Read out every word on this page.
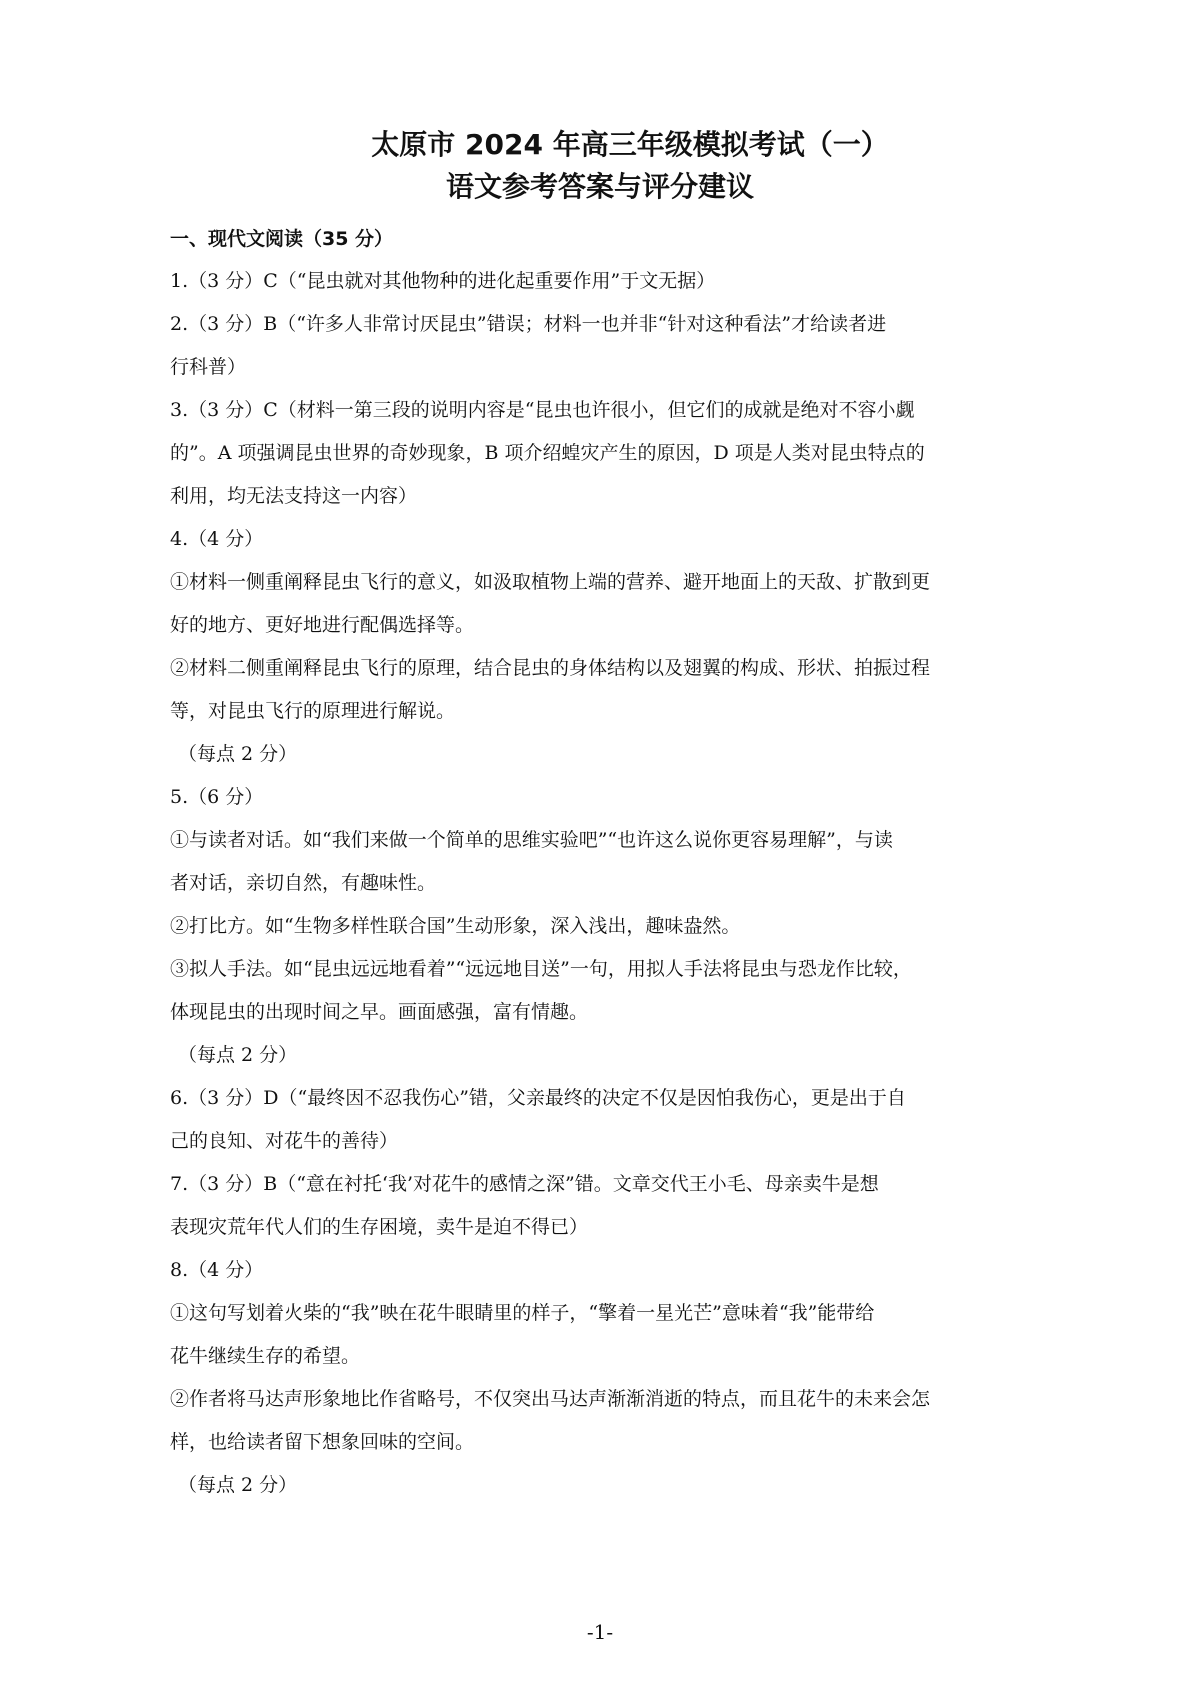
太原市 2024 年高三年级模拟考试（一）
语文参考答案与评分建议
一、现代文阅读（35 分）

1.（3 分）C（“昆虫就对其他物种的进化起重要作用”于文无据）

2.（3 分）B（“许多人非常讨厌昆虫”错误；材料一也并非“针对这种看法”才给读者进

行科普）

3.（3 分）C（材料一第三段的说明内容是“昆虫也许很小，但它们的成就是绝对不容小觑

的”。A 项强调昆虫世界的奇妙现象，B 项介绍蝗灾产生的原因，D 项是人类对昆虫特点的

利用，均无法支持这一内容）

4.（4 分）

①材料一侧重阐释昆虫飞行的意义，如汲取植物上端的营养、避开地面上的天敌、扩散到更

好的地方、更好地进行配偶选择等。

②材料二侧重阐释昆虫飞行的原理，结合昆虫的身体结构以及翅翼的构成、形状、拍振过程

等，对昆虫飞行的原理进行解说。

（每点 2 分）

5.（6 分）

①与读者对话。如“我们来做一个简单的思维实验吧”“也许这么说你更容易理解”，与读

者对话，亲切自然，有趣味性。

②打比方。如“生物多样性联合国”生动形象，深入浅出，趣味盎然。

③拟人手法。如“昆虫远远地看着”“远远地目送”一句，用拟人手法将昆虫与恐龙作比较，

体现昆虫的出现时间之早。画面感强，富有情趣。

（每点 2 分）

6.（3 分）D（“最终因不忍我伤心”错，父亲最终的决定不仅是因怕我伤心，更是出于自

己的良知、对花牛的善待）

7.（3 分）B（“意在衬托‘我’对花牛的感情之深”错。文章交代王小毛、母亲卖牛是想

表现灾荒年代人们的生存困境，卖牛是迫不得已）

8.（4 分）

①这句写划着火柴的“我”映在花牛眼睛里的样子，“擎着一星光芒”意味着“我”能带给

花牛继续生存的希望。

②作者将马达声形象地比作省略号，不仅突出马达声渐渐消逝的特点，而且花牛的未来会怎

样，也给读者留下想象回味的空间。

（每点 2 分）

-1-
